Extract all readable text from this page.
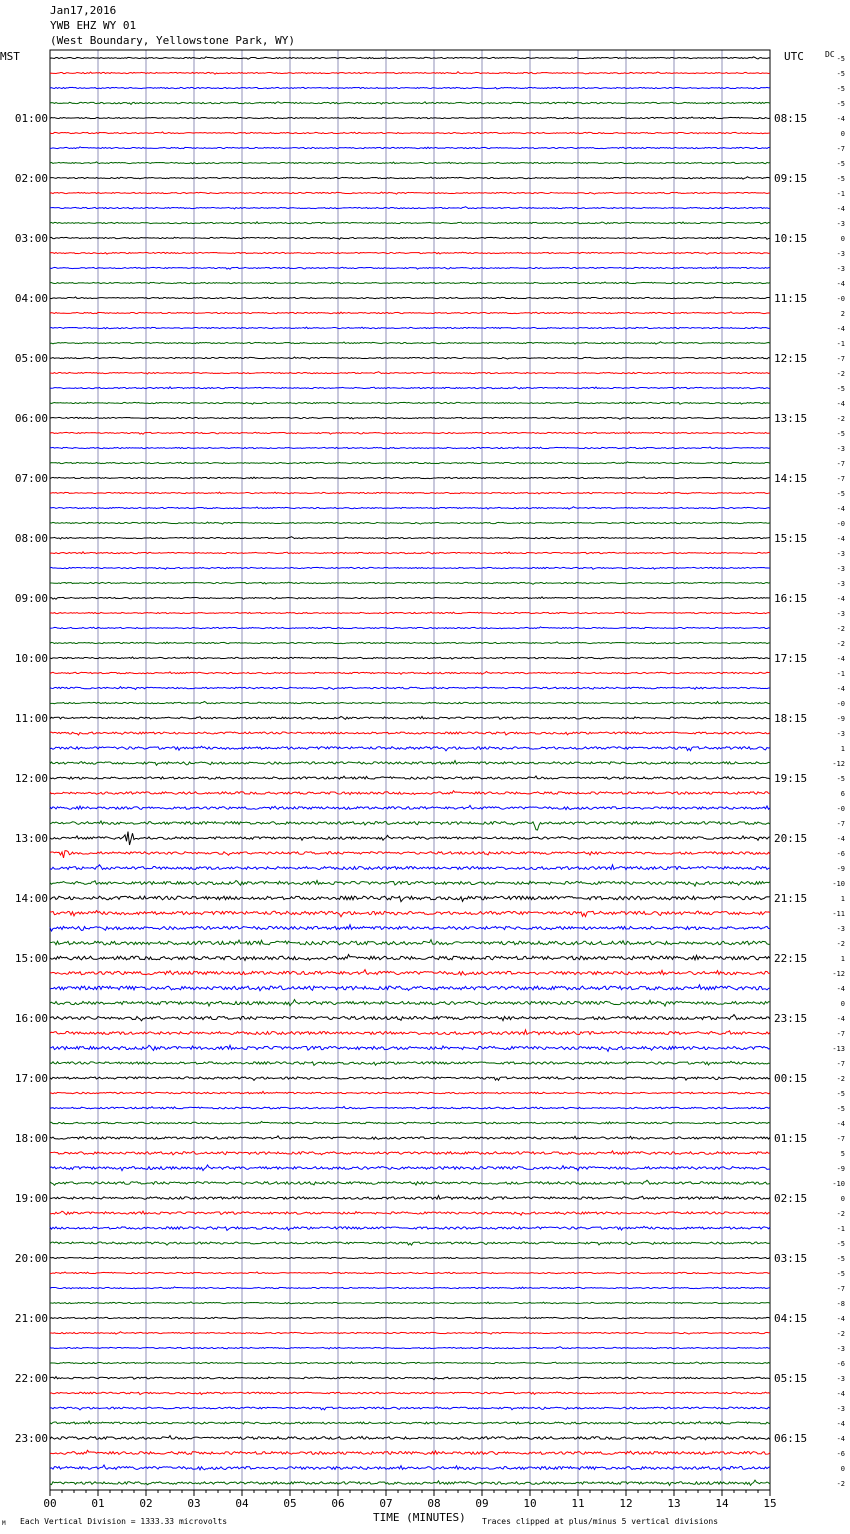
Jan17,2016
YWB EHZ WY 01
(West Boundary, Yellowstone Park, WY)
MST	UTC	DC
TIME (MINUTES)
Each Vertical Division = 1333.33 microvolts	Traces clipped at plus/minus 5 vertical divisions
M
-5
-5
-5
-5
-4
0
-7
-5
-5
-1
-4
-3
0
-3
-3
-4
-0
2
-4
-1
-7
-2
-5
-4
-2
-5
-3
-7
-7
-5
-4
-0
-4
-3
-3
-3
-4
-3
-2
-2
-4
-1
-4
-0
-9
-3
1
-12
-5
6
-0
-7
-4
-6
-9
-10
1
-11
-3
-2
1
-12
-4
0
-4
-7
-13
-7
-2
-5
-5
-4
-7
5
-9
-10
0
-2
-1
-5
-5
-5
-7
-8
-4
-2
-3
-6
-3
-4
-3
-4
-4
-6
0
-2
01:00	08:15
02:00	09:15
03:00	10:15
04:00	11:15
05:00	12:15
06:00	13:15
07:00	14:15
08:00	15:15
09:00	16:15
10:00	17:15
11:00	18:15
12:00	19:15
13:00	20:15
14:00	21:15
15:00	22:15
16:00	23:15
17:00	00:15
18:00	01:15
19:00	02:15
20:00	03:15
21:00	04:15
22:00	05:15
23:00	06:15
00	01	02	03	04	05	06	07	08	09	10	11	12	13	14	15
